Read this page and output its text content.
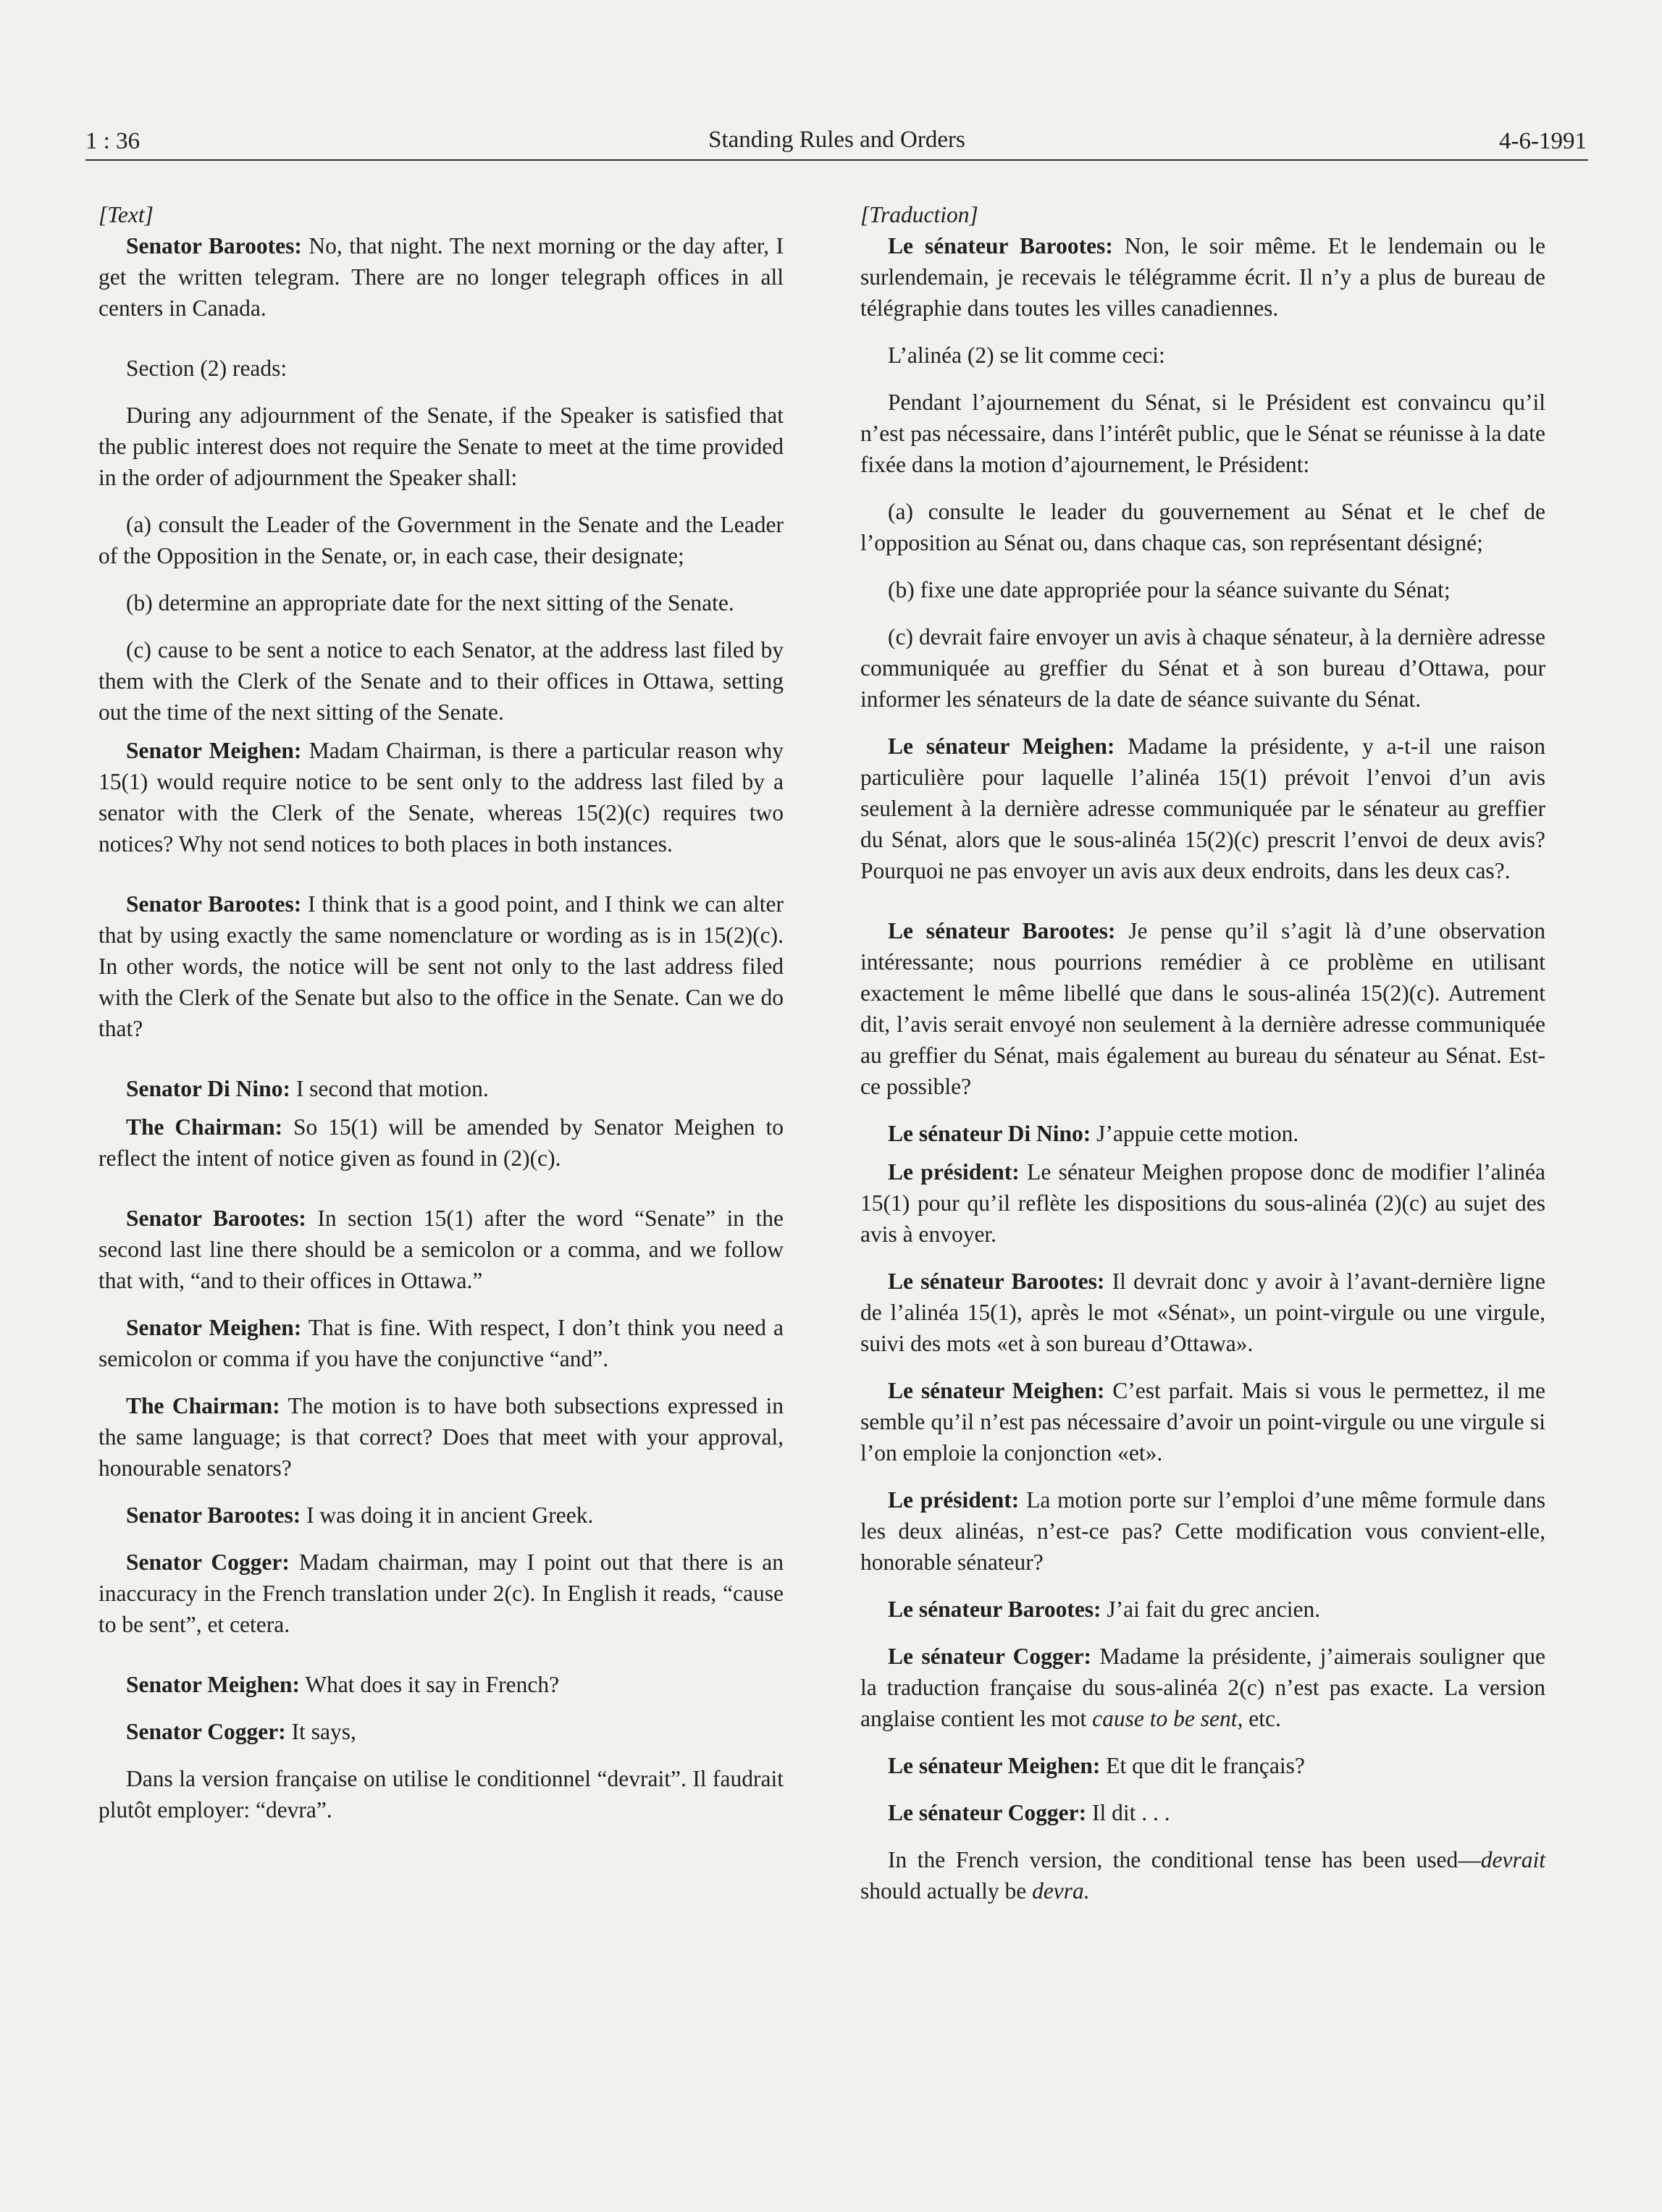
1 : 36	Standing Rules and Orders	4-6-1991

[Text]

Senator Barootes: No, that night. The next morning or the day after, I get the written telegram. There are no longer telegraph offices in all centers in Canada.

Section (2) reads:

During any adjournment of the Senate, if the Speaker is satisfied that the public interest does not require the Senate to meet at the time provided in the order of adjournment the Speaker shall:

(a) consult the Leader of the Government in the Senate and the Leader of the Opposition in the Senate, or, in each case, their designate;

(b) determine an appropriate date for the next sitting of the Senate.

(c) cause to be sent a notice to each Senator, at the address last filed by them with the Clerk of the Senate and to their offices in Ottawa, setting out the time of the next sitting of the Senate.

Senator Meighen: Madam Chairman, is there a particular reason why 15(1) would require notice to be sent only to the address last filed by a senator with the Clerk of the Senate, whereas 15(2)(c) requires two notices? Why not send notices to both places in both instances.

Senator Barootes: I think that is a good point, and I think we can alter that by using exactly the same nomenclature or wording as is in 15(2)(c). In other words, the notice will be sent not only to the last address filed with the Clerk of the Senate but also to the office in the Senate. Can we do that?

Senator Di Nino: I second that motion.

The Chairman: So 15(1) will be amended by Senator Meighen to reflect the intent of notice given as found in (2)(c).

Senator Barootes: In section 15(1) after the word “Senate” in the second last line there should be a semicolon or a comma, and we follow that with, “and to their offices in Ottawa.”

Senator Meighen: That is fine. With respect, I don’t think you need a semicolon or comma if you have the conjunctive “and”.

The Chairman: The motion is to have both subsections expressed in the same language; is that correct? Does that meet with your approval, honourable senators?

Senator Barootes: I was doing it in ancient Greek.

Senator Cogger: Madam chairman, may I point out that there is an inaccuracy in the French translation under 2(c). In English it reads, “cause to be sent”, et cetera.

Senator Meighen: What does it say in French?

Senator Cogger: It says,

Dans la version française on utilise le conditionnel “devrait”. Il faudrait plutôt employer: “devra”.

[Traduction]

Le sénateur Barootes: Non, le soir même. Et le lendemain ou le surlendemain, je recevais le télégramme écrit. Il n’y a plus de bureau de télégraphie dans toutes les villes canadiennes.

L’alinéa (2) se lit comme ceci:

Pendant l’ajournement du Sénat, si le Président est convaincu qu’il n’est pas nécessaire, dans l’intérêt public, que le Sénat se réunisse à la date fixée dans la motion d’ajournement, le Président:

(a) consulte le leader du gouvernement au Sénat et le chef de l’opposition au Sénat ou, dans chaque cas, son représentant désigné;

(b) fixe une date appropriée pour la séance suivante du Sénat;

(c) devrait faire envoyer un avis à chaque sénateur, à la dernière adresse communiquée au greffier du Sénat et à son bureau d’Ottawa, pour informer les sénateurs de la date de séance suivante du Sénat.

Le sénateur Meighen: Madame la présidente, y a-t-il une raison particulière pour laquelle l’alinéa 15(1) prévoit l’envoi d’un avis seulement à la dernière adresse communiquée par le sénateur au greffier du Sénat, alors que le sous-alinéa 15(2)(c) prescrit l’envoi de deux avis? Pourquoi ne pas envoyer un avis aux deux endroits, dans les deux cas?.

Le sénateur Barootes: Je pense qu’il s’agit là d’une observation intéressante; nous pourrions remédier à ce problème en utilisant exactement le même libellé que dans le sous-alinéa 15(2)(c). Autrement dit, l’avis serait envoyé non seulement à la dernière adresse communiquée au greffier du Sénat, mais également au bureau du sénateur au Sénat. Est-ce possible?

Le sénateur Di Nino: J’appuie cette motion.

Le président: Le sénateur Meighen propose donc de modifier l’alinéa 15(1) pour qu’il reflète les dispositions du sous-alinéa (2)(c) au sujet des avis à envoyer.

Le sénateur Barootes: Il devrait donc y avoir à l’avant-dernière ligne de l’alinéa 15(1), après le mot «Sénat», un point-virgule ou une virgule, suivi des mots «et à son bureau d’Ottawa».

Le sénateur Meighen: C’est parfait. Mais si vous le permettez, il me semble qu’il n’est pas nécessaire d’avoir un point-virgule ou une virgule si l’on emploie la conjonction «et».

Le président: La motion porte sur l’emploi d’une même formule dans les deux alinéas, n’est-ce pas? Cette modification vous convient-elle, honorable sénateur?

Le sénateur Barootes: J’ai fait du grec ancien.

Le sénateur Cogger: Madame la présidente, j’aimerais souligner que la traduction française du sous-alinéa 2(c) n’est pas exacte. La version anglaise contient les mot cause to be sent, etc.

Le sénateur Meighen: Et que dit le français?

Le sénateur Cogger: Il dit . . .

In the French version, the conditional tense has been used—devrait should actually be devra.
